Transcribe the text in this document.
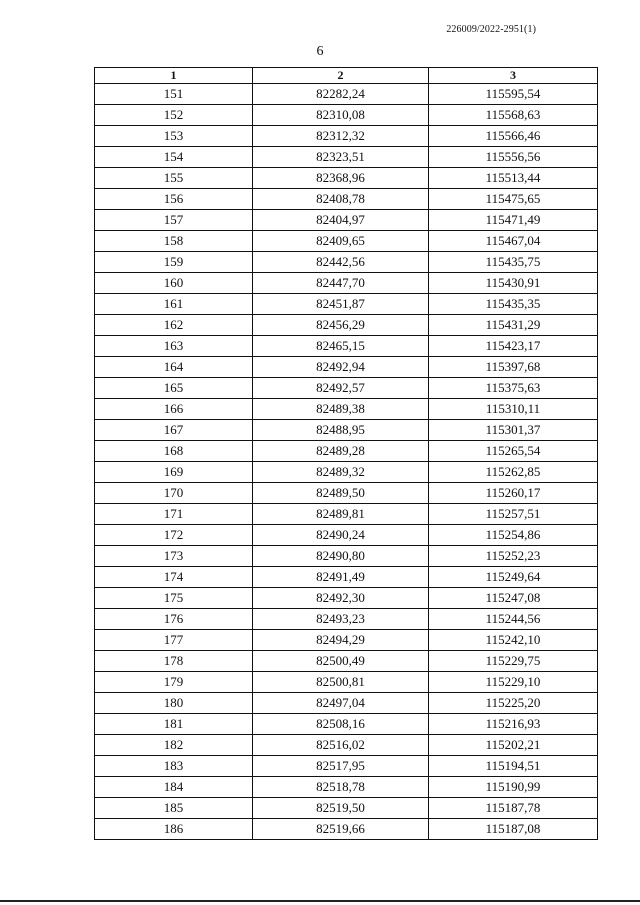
226009/2022-2951(1)
6
1	2	3
151	82282,24	115595,54
152	82310,08	115568,63
153	82312,32	115566,46
154	82323,51	115556,56
155	82368,96	115513,44
156	82408,78	115475,65
157	82404,97	115471,49
158	82409,65	115467,04
159	82442,56	115435,75
160	82447,70	115430,91
161	82451,87	115435,35
162	82456,29	115431,29
163	82465,15	115423,17
164	82492,94	115397,68
165	82492,57	115375,63
166	82489,38	115310,11
167	82488,95	115301,37
168	82489,28	115265,54
169	82489,32	115262,85
170	82489,50	115260,17
171	82489,81	115257,51
172	82490,24	115254,86
173	82490,80	115252,23
174	82491,49	115249,64
175	82492,30	115247,08
176	82493,23	115244,56
177	82494,29	115242,10
178	82500,49	115229,75
179	82500,81	115229,10
180	82497,04	115225,20
181	82508,16	115216,93
182	82516,02	115202,21
183	82517,95	115194,51
184	82518,78	115190,99
185	82519,50	115187,78
186	82519,66	115187,08
